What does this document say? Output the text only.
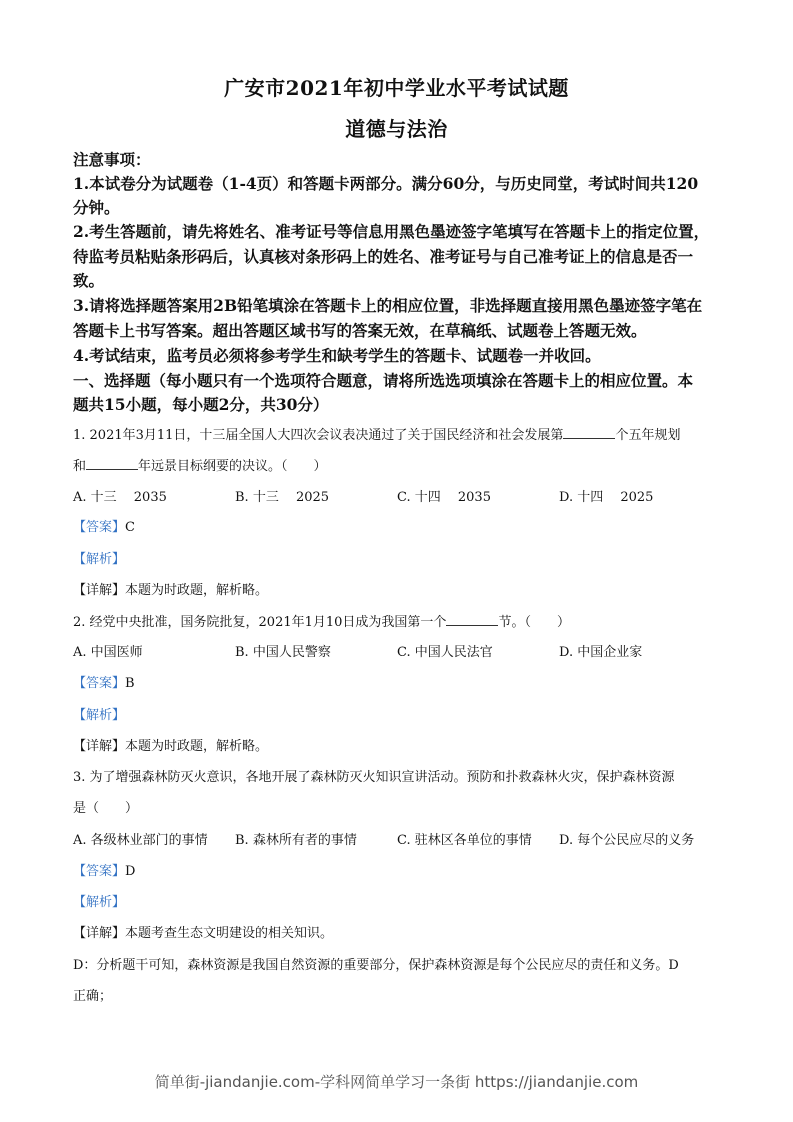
广安市2021年初中学业水平考试试题
道德与法治
注意事项：
1.本试卷分为试题卷（1-4页）和答题卡两部分。满分60分，与历史同堂，考试时间共120
分钟。
2.考生答题前，请先将姓名、准考证号等信息用黑色墨迹签字笔填写在答题卡上的指定位置，
待监考员粘贴条形码后，认真核对条形码上的姓名、准考证号与自己准考证上的信息是否一
致。
3.请将选择题答案用2B铅笔填涂在答题卡上的相应位置，非选择题直接用黑色墨迹签字笔在
答题卡上书写答案。超出答题区域书写的答案无效，在草稿纸、试题卷上答题无效。
4.考试结束，监考员必须将参考学生和缺考学生的答题卡、试题卷一并收回。
一、选择题（每小题只有一个选项符合题意，请将所选选项填涂在答题卡上的相应位置。本
题共15小题，每小题2分，共30分）
1. 2021年3月11日，十三届全国人大四次会议表决通过了关于国民经济和社会发展第	个五年规划
和	年远景目标纲要的决议。（　　）
A. 十三　 2035	B. 十三　 2025	C. 十四　 2035	D. 十四　 2025
【答案】C
【解析】
【详解】本题为时政题，解析略。
2. 经党中央批准，国务院批复，2021年1月10日成为我国第一个	节。（　　）
A. 中国医师	B. 中国人民警察	C. 中国人民法官	D. 中国企业家
【答案】B
【解析】
【详解】本题为时政题，解析略。
3. 为了增强森林防灭火意识，各地开展了森林防灭火知识宣讲活动。预防和扑救森林火灾，保护森林资源
是（　　）
A. 各级林业部门的事情 B. 森林所有者的事情	C. 驻林区各单位的事情 D. 每个公民应尽的义务
【答案】D
【解析】
【详解】本题考查生态文明建设的相关知识。
D：分析题干可知，森林资源是我国自然资源的重要部分，保护森林资源是每个公民应尽的责任和义务。D
正确；
简单街-jiandanjie.com-学科网简单学习一条街 https://jiandanjie.com
